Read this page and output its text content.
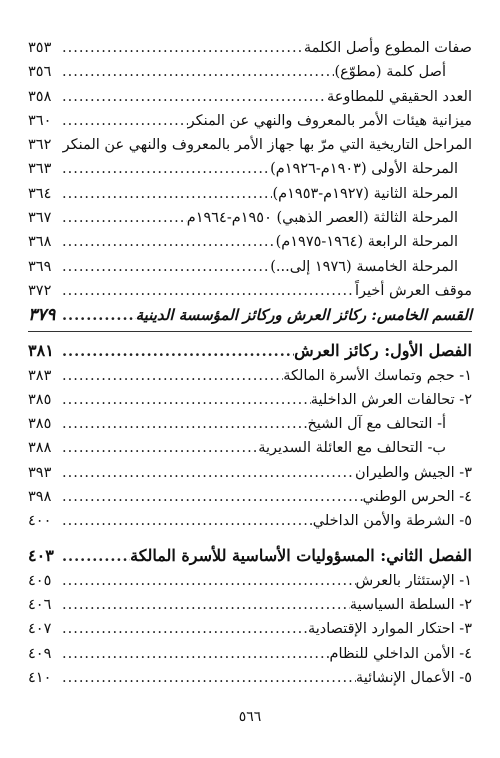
صفات المطوع وأصل الكلمة
.....
٣٥٣
أصل كلمة (مطوّع)
.....
٣٥٦
العدد الحقيقي للمطاوعة
.....
٣٥٨
ميزانية هيئات الأمر بالمعروف والنهي عن المنكر
.....
٣٦٠
المراحل التاريخية التي مرّ بها جهاز الأمر بالمعروف والنهي عن المنكر
.....
٣٦٢
المرحلة الأولى (١٩٠٣م-١٩٢٦م)
.....
٣٦٣
المرحلة الثانية (١٩٢٧م-١٩٥٣م)
.....
٣٦٤
المرحلة الثالثة (العصر الذهبي) ١٩٥٠م-١٩٦٤م
.....
٣٦٧
المرحلة الرابعة (١٩٦٤-١٩٧٥م)
.....
٣٦٨
المرحلة الخامسة (١٩٧٦ إلى...)
.....
٣٦٩
موقف العرش أخيراً
.....
٣٧٢
القسم الخامس: ركائز العرش وركائز المؤسسة الدينية
.....
٣٧٩
الفصل الأول: ركائز العرش
.....
٣٨١
١- حجم وتماسك الأسرة المالكة
.....
٣٨٣
٢- تحالفات العرش الداخلية
.....
٣٨٥
أ- التحالف مع آل الشيخ
.....
٣٨٥
ب- التحالف مع العائلة السديرية
.....
٣٨٨
٣- الجيش والطيران
.....
٣٩٣
٤- الحرس الوطني
.....
٣٩٨
٥- الشرطة والأمن الداخلي
.....
٤٠٠
الفصل الثاني: المسؤوليات الأساسية للأسرة المالكة
.....
٤٠٣
١- الإستئثار بالعرش
.....
٤٠٥
٢- السلطة السياسية
.....
٤٠٦
٣- احتكار الموارد الإقتصادية
.....
٤٠٧
٤- الأمن الداخلي للنظام
.....
٤٠٩
٥- الأعمال الإنشائية
.....
٤١٠
٥٦٦
